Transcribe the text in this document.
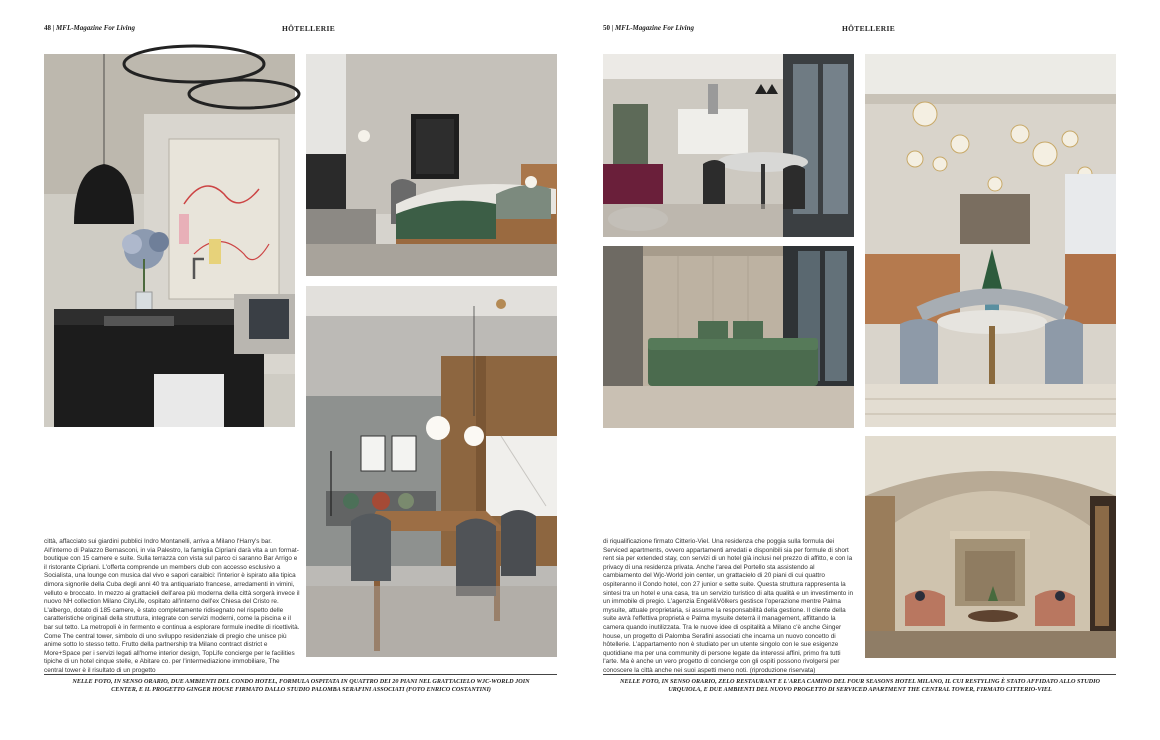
48 | MFL-Magazine For Living	HÔTELLERIE
città, affacciato sui giardini pubblici Indro Montanelli, arriva a Milano l'Harry's bar. All'interno di Palazzo Bernasconi, in via Palestro, la famiglia Cipriani darà vita a un format-boutique con 15 camere e suite. Sulla terrazza con vista sul parco ci saranno Bar Arrigo e il ristorante Cipriani. L'offerta comprende un members club con accesso esclusivo a Socialista, una lounge con musica dal vivo e sapori caraibici: l'interior è ispirato alla tipica dimora signorile della Cuba degli anni 40 tra antiquariato francese, arredamenti in vimini, velluto e broccato. In mezzo ai grattacieli dell'area più moderna della città sorgerà invece il nuovo NH collection Milano CityLife, ospitato all'interno dell'ex Chiesa del Cristo re. L'albergo, dotato di 185 camere, è stato completamente ridisegnato nel rispetto delle caratteristiche originali della struttura, integrate con servizi moderni, come la piscina e il bar sul tetto. La metropoli è in fermento e continua a esplorare formule inedite di ricettività. Come The central tower, simbolo di uno sviluppo residenziale di pregio che unisce più anime sotto lo stesso tetto. Frutto della partnership tra Milano contract district e More+Space per i servizi legati all'home interior design, TopLife concierge per le facilities tipiche di un hotel cinque stelle, e Abitare co. per l'intermediazione immobiliare, The central tower è il risultato di un progetto
NELLE FOTO, IN SENSO ORARIO, DUE AMBIENTI DEL CONDO HOTEL, FORMULA OSPITATA IN QUATTRO DEI 20 PIANI NEL GRATTACIELO WJC-WORLD JOIN CENTER, E IL PROGETTO GINGER HOUSE FIRMATO DALLO STUDIO PALOMBA SERAFINI ASSOCIATI (FOTO ENRICO COSTANTINI)
50 | MFL-Magazine For Living	HÔTELLERIE
di riqualificazione firmato Citterio-Viel. Una residenza che poggia sulla formula dei Serviced apartments, ovvero appartamenti arredati e disponibili sia per formule di short rent sia per extended stay, con servizi di un hotel già inclusi nel prezzo di affitto, e con la privacy di una residenza privata. Anche l'area del Portello sta assistendo al cambiamento del Wjc-World join center, un grattacielo di 20 piani di cui quattro ospiteranno il Condo hotel, con 27 junior e sette suite. Questa struttura rappresenta la sintesi tra un hotel e una casa, tra un servizio turistico di alta qualità e un investimento in un immobile di pregio. L'agenzia Engel&Völkers gestisce l'operazione mentre Palma mysuite, attuale proprietaria, si assume la responsabilità della gestione. Il cliente della suite avrà l'effettiva proprietà e Palma mysuite deterrà il management, affittando la camera quando inutilizzata. Tra le nuove idee di ospitalità a Milano c'è anche Ginger house, un progetto di Palomba Serafini associati che incarna un nuovo concetto di hôtellerie. L'appartamento non è studiato per un utente singolo con le sue esigenze quotidiane ma per una community di persone legate da interessi affini, primo fra tutti l'arte. Ma è anche un vero progetto di concierge con gli ospiti possono rivolgersi per conoscere la città anche nei suoi aspetti meno noti. (riproduzione riservata)
NELLE FOTO, IN SENSO ORARIO, ZELO RESTAURANT E L'AREA CAMINO DEL FOUR SEASONS HOTEL MILANO, IL CUI RESTYLING È STATO AFFIDATO ALLO STUDIO URQUIOLA, E DUE AMBIENTI DEL NUOVO PROGETTO DI SERVICED APARTMENT THE CENTRAL TOWER, FIRMATO CITTERIO-VIEL
